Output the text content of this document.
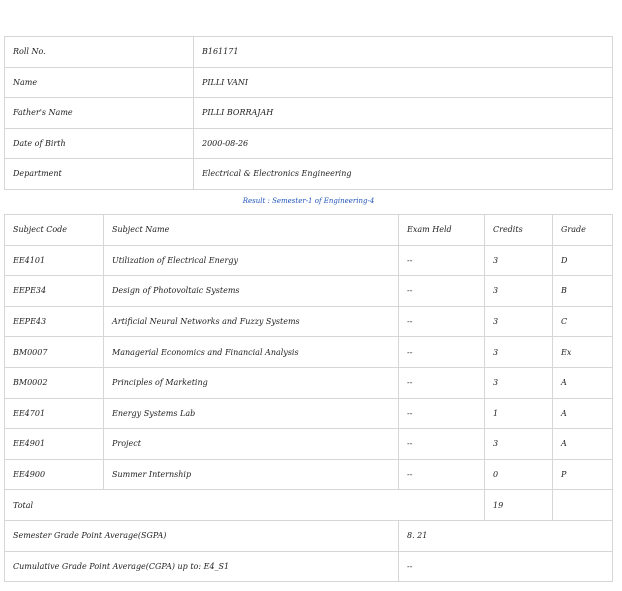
Roll No.	B161171
Name	PILLI VANI
Father's Name	PILLI BORRAJAH
Date of Birth	2000-08-26
Department	Electrical & Electronics Engineering
Result : Semester-1 of Engineering-4
Subject Code	Subject Name	Exam Held	Credits	Grade
EE4101	Utilization of Electrical Energy	--	3	D
EEPE34	Design of Photovoltaic Systems	--	3	B
EEPE43	Artificial Neural Networks and Fuzzy Systems	--	3	C
BM0007	Managerial Economics and Financial Analysis	--	3	Ex
BM0002	Principles of Marketing	--	3	A
EE4701	Energy Systems Lab	--	1	A
EE4901	Project	--	3	A
EE4900	Summer Internship	--	0	P
Total			19	
Semester Grade Point Average(SGPA)		8. 21		
Cumulative Grade Point Average(CGPA) up to: E4_S1		--		
